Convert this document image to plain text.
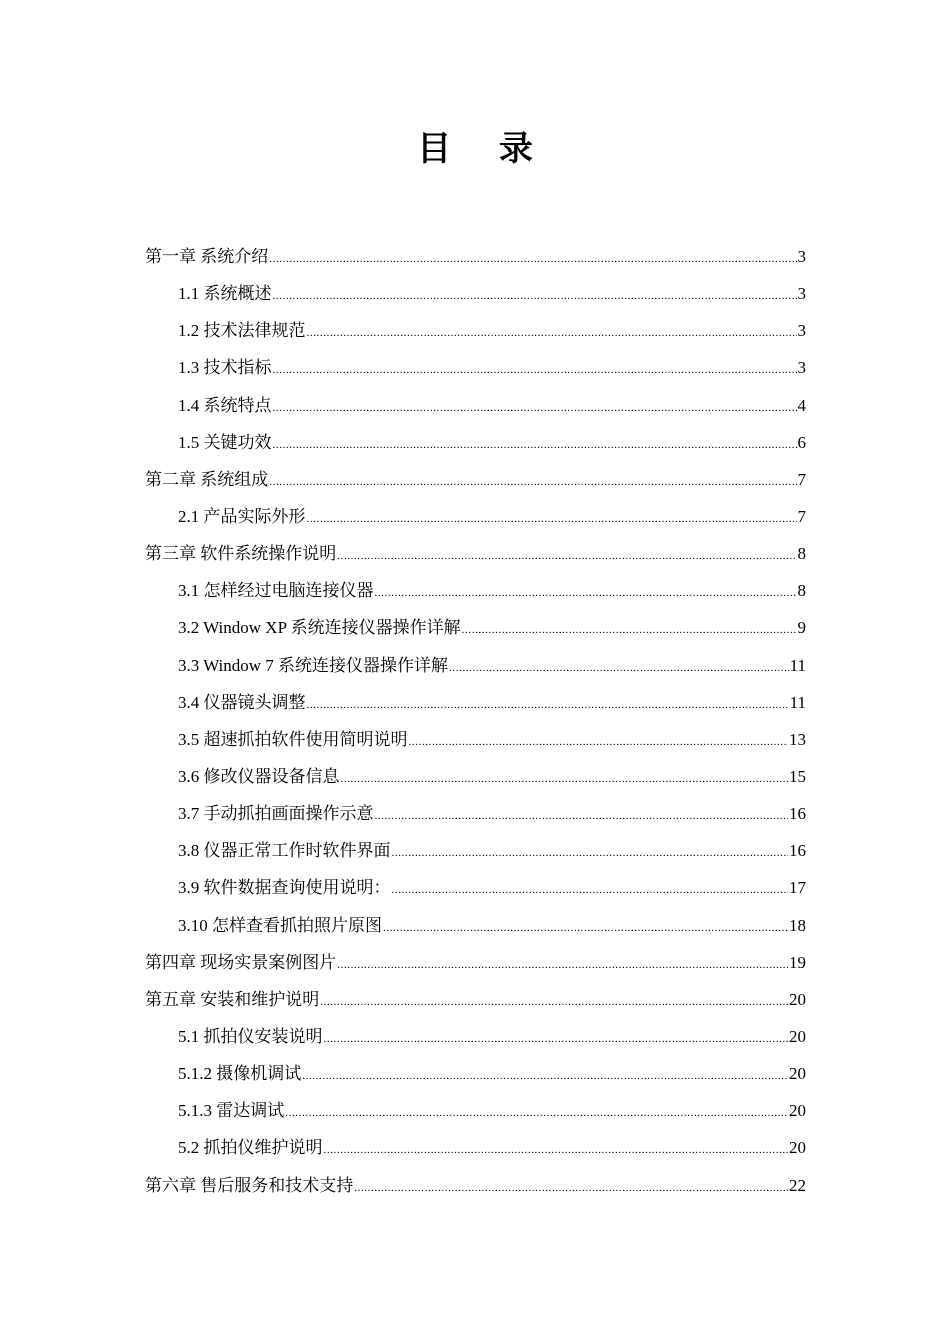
目 录
第一章 系统介绍 .....	3
1.1 系统概述 .....	3
1.2 技术法律规范 .....	3
1.3 技术指标 .....	3
1.4 系统特点 .....	4
1.5 关键功效 .....	6
第二章 系统组成 .....	7
2.1 产品实际外形 .....	7
第三章 软件系统操作说明 .....	8
3.1 怎样经过电脑连接仪器 .....	8
3.2 Window XP 系统连接仪器操作详解 .....	9
3.3 Window 7 系统连接仪器操作详解 .....	11
3.4 仪器镜头调整 .....	11
3.5 超速抓拍软件使用简明说明 .....	13
3.6 修改仪器设备信息 .....	15
3.7 手动抓拍画面操作示意 .....	16
3.8 仪器正常工作时软件界面 .....	16
3.9 软件数据查询使用说明： .....	17
3.10 怎样查看抓拍照片原图 .....	18
第四章 现场实景案例图片 .....	19
第五章 安装和维护说明 .....	20
5.1 抓拍仪安装说明 .....	20
5.1.2 摄像机调试 .....	20
5.1.3 雷达调试 .....	20
5.2 抓拍仪维护说明 .....	20
第六章 售后服务和技术支持 .....	22
